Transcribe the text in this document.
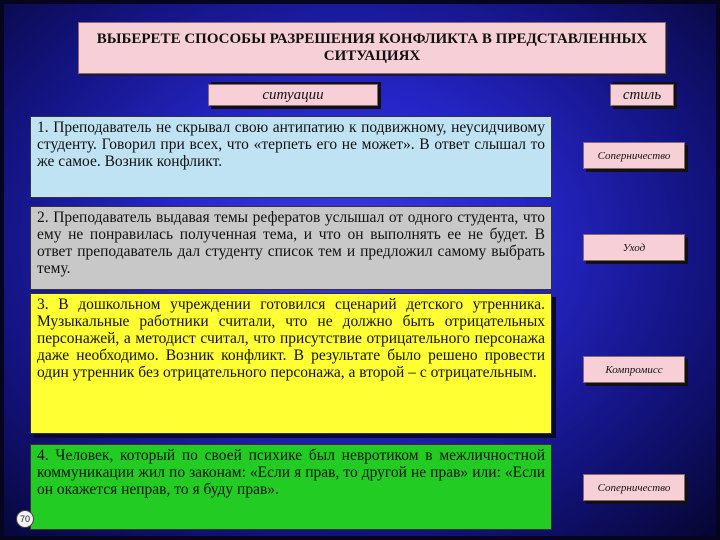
ВЫБЕРЕТЕ СПОСОБЫ РАЗРЕШЕНИЯ КОНФЛИКТА В ПРЕДСТАВЛЕННЫХ СИТУАЦИЯХ
ситуации	стиль
1. Преподаватель не скрывал свою антипатию к подвижному, неусидчивому студенту. Говорил при всех, что «терпеть его не может». В ответ слышал то же самое. Возник конфликт.
2. Преподаватель выдавая темы рефератов услышал от одного студента, что ему не понравилась полученная тема, и что он выполнять ее не будет. В ответ преподаватель дал студенту список тем и предложил самому выбрать тему.
3. В дошкольном учреждении готовился сценарий детского утренника. Музыкальные работники считали, что не должно быть отрицательных персонажей, а методист считал, что присутствие отрицательного персонажа даже необходимо. Возник конфликт. В результате было решено провести один утренник без отрицательного персонажа, а второй – с отрицательным.
4. Человек, который по своей психике был невротиком в межличностной коммуникации жил по законам: «Если я прав, то другой не прав» или: «Если он окажется неправ, то я буду прав».
Соперничество
Уход
Компромисс
Соперничество
70
